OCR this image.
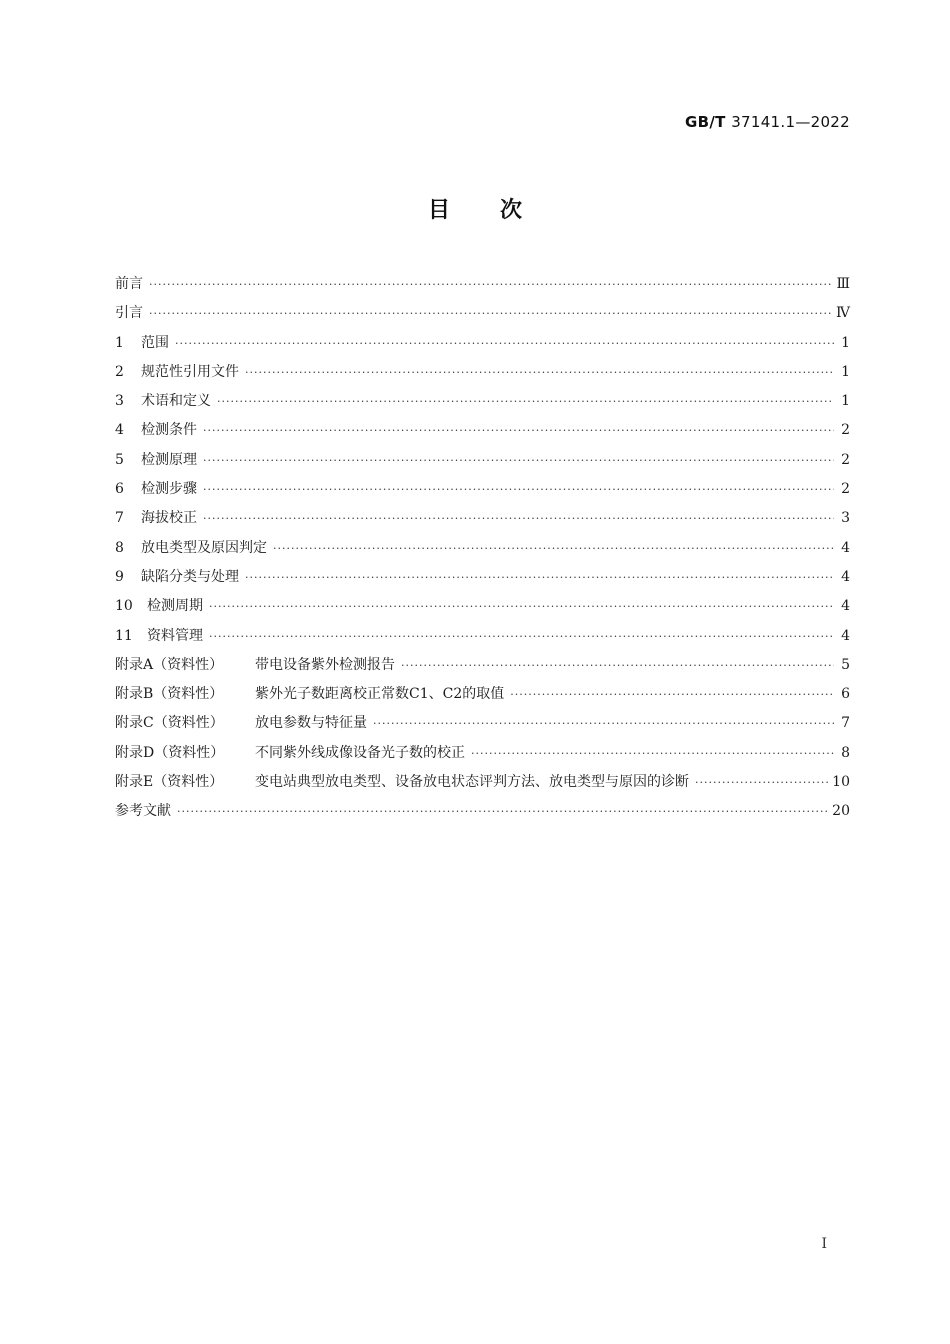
GB/T 37141.1—2022
目次
前言 ·····	Ⅲ
引言 ·····	Ⅳ
1 范围 ·····	1
2 规范性引用文件 ·····	1
3 术语和定义 ·····	1
4 检测条件 ·····	2
5 检测原理 ·····	2
6 检测步骤 ·····	2
7 海拔校正 ·····	3
8 放电类型及原因判定 ·····	4
9 缺陷分类与处理 ·····	4
10 检测周期 ·····	4
11 资料管理 ·····	4
附录A（资料性） 带电设备紫外检测报告 ·····	5
附录B（资料性） 紫外光子数距离校正常数C1、C2的取值 ·····	6
附录C（资料性） 放电参数与特征量 ·····	7
附录D（资料性） 不同紫外线成像设备光子数的校正 ·····	8
附录E（资料性） 变电站典型放电类型、设备放电状态评判方法、放电类型与原因的诊断 ·····	10
参考文献 ·····	20
Ⅰ
